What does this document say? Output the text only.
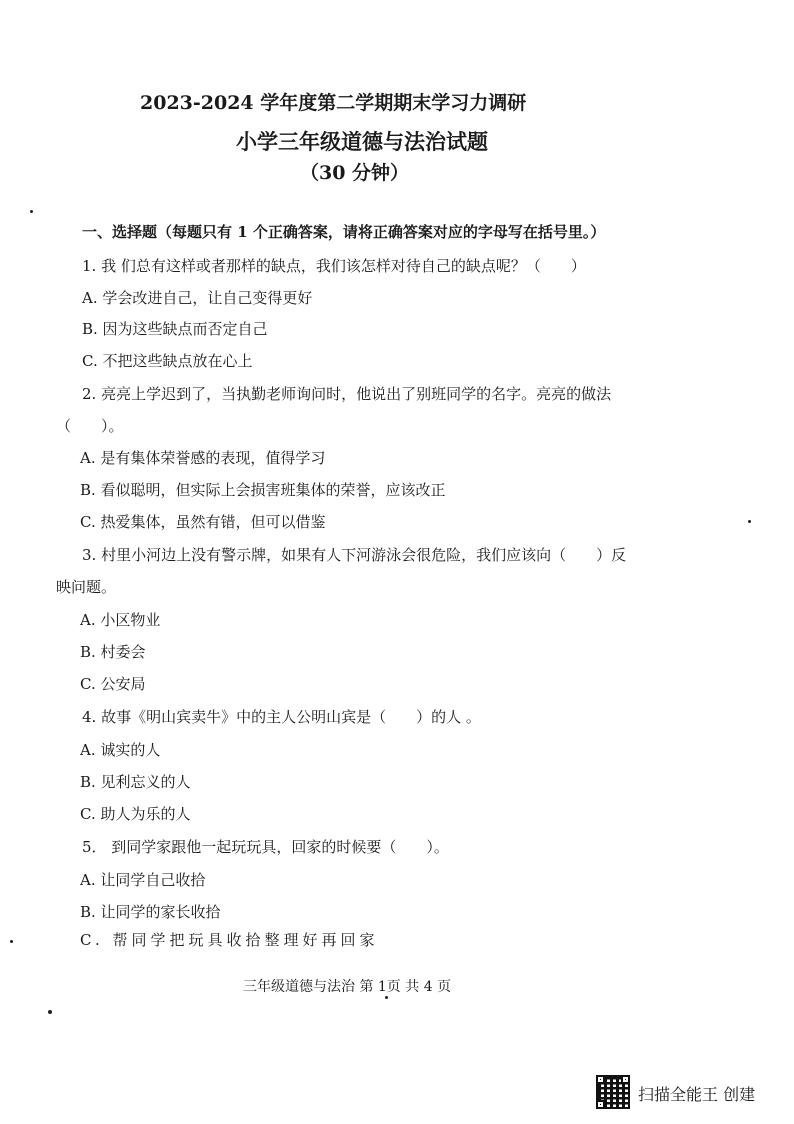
2023-2024 学年度第二学期期末学习力调研
小学三年级道德与法治试题
（30 分钟）
一、选择题（每题只有 1 个正确答案，请将正确答案对应的字母写在括号里。）
1. 我 们总有这样或者那样的缺点，我们该怎样对待自己的缺点呢？（　　）
A. 学会改进自己，让自己变得更好
B. 因为这些缺点而否定自己
C. 不把这些缺点放在心上
2. 亮亮上学迟到了，当执勤老师询问时，他说出了别班同学的名字。亮亮的做法
（　　）。
A. 是有集体荣誉感的表现，值得学习
B. 看似聪明，但实际上会损害班集体的荣誉，应该改正
C. 热爱集体，虽然有错，但可以借鉴
3. 村里小河边上没有警示牌，如果有人下河游泳会很危险，我们应该向（　　）反
映问题。
A. 小区物业
B. 村委会
C. 公安局
4. 故事《明山宾卖牛》中的主人公明山宾是（　　）的人 。
A. 诚实的人
B. 见利忘义的人
C. 助人为乐的人
5． 到同学家跟他一起玩玩具，回家的时候要（　　）。
A. 让同学自己收拾
B. 让同学的家长收拾
C. 帮同学把玩具收拾整理好再回家
三年级道德与法治 第 1页 共 4 页
扫描全能王 创建
